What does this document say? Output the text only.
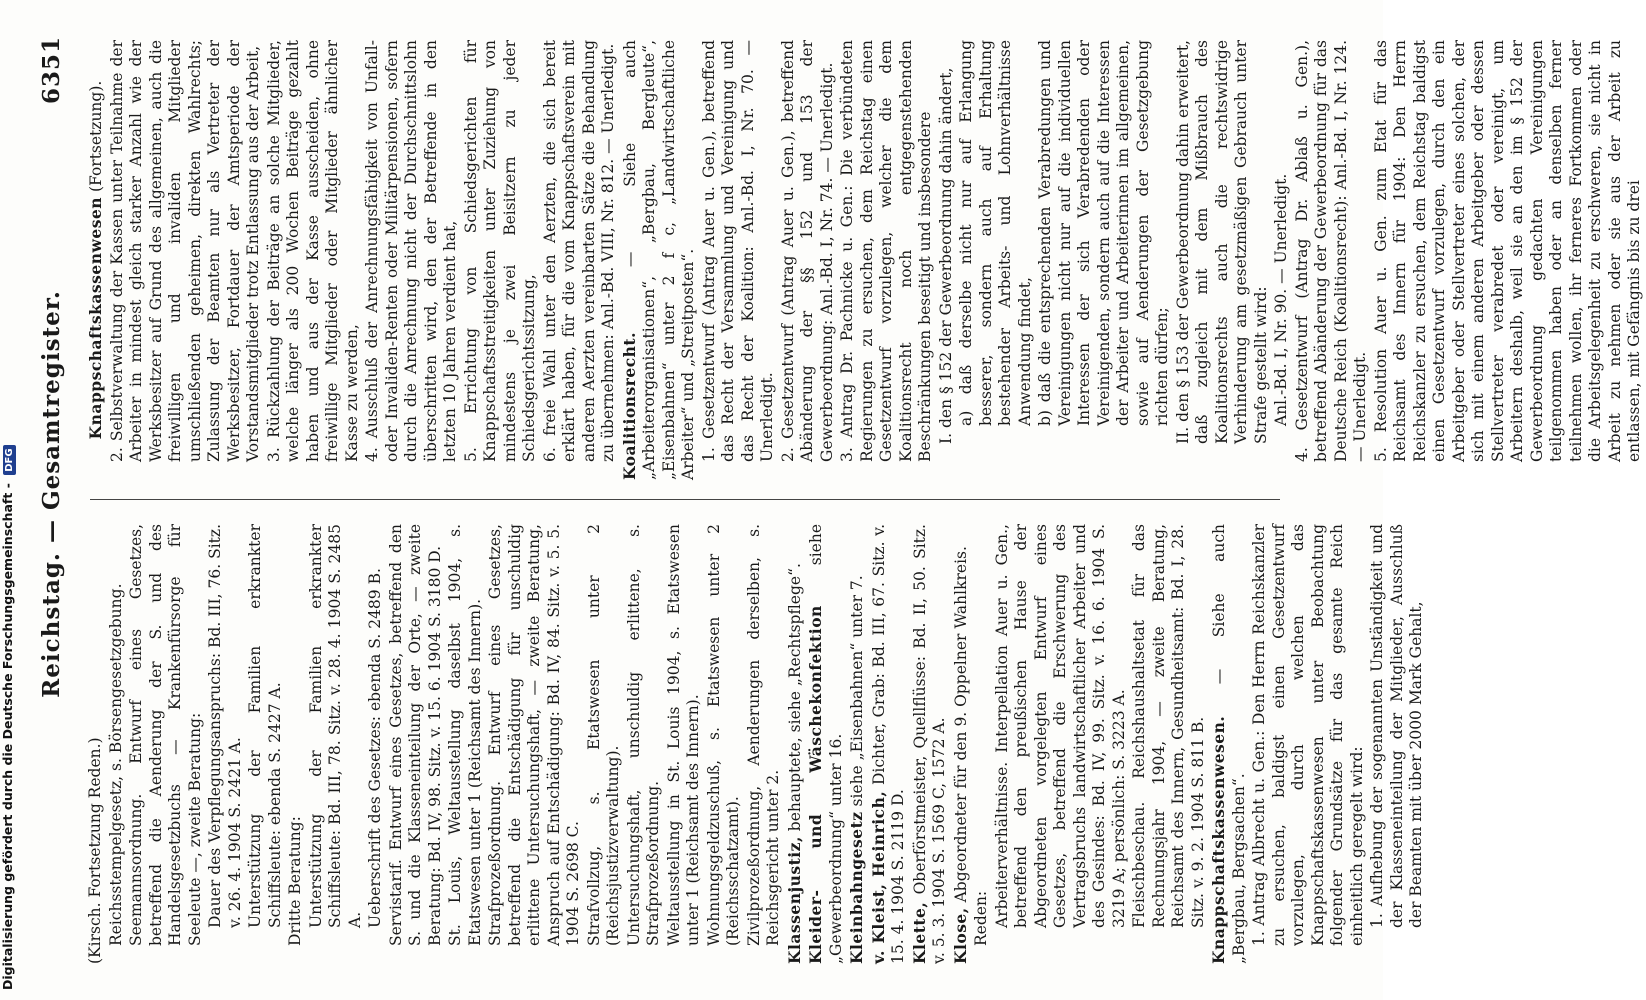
Reichstag. — Gesamtregister.
6351

(Kirsch. Fortsetzung Reden.) Reichsstempelgesetz, s. Börsengesetzgebung. Seemannsordnung. Entwurf eines Gesetzes, betreffend die Aenderung der S. und des Handelsgesetzbuchs — Krankenfürsorge für Seeleute —, zweite Beratung: Dauer des Verpflegungsanspruchs: Bd. III, 76. Sitz. v. 26. 4. 1904 S. 2421 A. Unterstützung der Familien erkrankter Schiffsleute: ebenda S. 2427 A. Dritte Beratung: Unterstützung der Familien erkrankter Schiffsleute: Bd. III, 78. Sitz. v. 28. 4. 1904 S. 2485 A. Ueberschrift des Gesetzes: ebenda S. 2489 B. Servistarif. Entwurf eines Gesetzes, betreffend den S. und die Klasseneinteilung der Orte, — zweite Beratung: Bd. IV, 98. Sitz. v. 15. 6. 1904 S. 3180 D. St. Louis, Weltausstellung daselbst 1904, s. Etatswesen unter 1 (Reichsamt des Innern). Strafprozeßordnung. Entwurf eines Gesetzes, betreffend die Entschädigung für unschuldig erlittene Untersuchungshaft, — zweite Beratung, Anspruch auf Entschädigung: Bd. IV, 84. Sitz. v. 5. 5. 1904 S. 2698 C. Strafvollzug, s. Etatswesen unter 2 (Reichsjustizverwaltung). Untersuchungshaft, unschuldig erlittene, s. Strafprozeßordnung. Weltausstellung in St. Louis 1904, s. Etatswesen unter 1 (Reichsamt des Innern). Wohnungsgeldzuschuß, s. Etatswesen unter 2 (Reichsschatzamt). Zivilprozeßordnung, Aenderungen derselben, s. Reichsgericht unter 2. Klassenjustiz, behauptete, siehe „Rechtspflege“. Kleider- und Wäschekonfektion siehe „Gewerbeordnung“ unter 16. Kleinbahngesetz siehe „Eisenbahnen“ unter 7.

v. Kleist, Heinrich, Dichter, Grab: Bd. III, 67. Sitz. v. 15. 4. 1904 S. 2119 D. Klette, Oberförstmeister, Quellflüsse: Bd. II, 50. Sitz. v. 5. 3. 1904 S. 1569 C, 1572 A. Klose, Abgeordneter für den 9. Oppelner Wahlkreis.

Reden: Arbeiterverhältnisse. Interpellation Auer u. Gen., betreffend den preußischen Hause der Abgeordneten vorgelegten Entwurf eines Gesetzes, betreffend die Erschwerung des Vertragsbruchs landwirtschaftlicher Arbeiter und des Gesindes: Bd. IV, 99. Sitz. v. 16. 6. 1904 S. 3219 A; persönlich: S. 3223 A. Fleischbeschau. Reichshaushaltsetat für das Rechnungsjahr 1904, — zweite Beratung, Reichsamt des Innern, Gesundheitsamt: Bd. I, 28. Sitz. v. 9. 2. 1904 S. 811 B. Knappschaftskassenwesen. — Siehe auch „Bergbau, Bergsachen“. 1. Antrag Albrecht u. Gen.: Den Herrn Reichskanzler zu ersuchen, baldigst einen Gesetzentwurf vorzulegen, durch welchen das Knappschaftskassenwesen unter Beobachtung folgender Grundsätze für das gesamte Reich einheitlich geregelt wird: 1. Aufhebung der sogenannten Unständigkeit und der Klasseneinteilung der Mitglieder, Ausschluß der Beamten mit über 2000 Mark Gehalt,

Knappschaftskassenwesen (Fortsetzung). 2. Selbstverwaltung der Kassen unter Teilnahme der Arbeiter in mindest gleich starker Anzahl wie der Werksbesitzer auf Grund des allgemeinen, auch die freiwilligen und invaliden Mitglieder umschließenden geheimen, direkten Wahlrechts; Zulassung der Beamten nur als Vertreter der Werksbesitzer, Fortdauer der Amtsperiode der Vorstandsmitglieder trotz Entlassung aus der Arbeit, 3. Rückzahlung der Beiträge an solche Mitglieder, welche länger als 200 Wochen Beiträge gezahlt haben und aus der Kasse ausscheiden, ohne freiwillige Mitglieder oder Mitglieder ähnlicher Kasse zu werden, 4. Ausschluß der Anrechnungsfähigkeit von Unfall- oder Invaliden-Renten oder Militärpensionen, sofern durch die Anrechnung nicht der Durchschnittslohn überschritten wird, den der Betreffende in den letzten 10 Jahren verdient hat, 5. Errichtung von Schiedsgerichten für Knappschaftsstreitigkeiten unter Zuziehung von mindestens je zwei Beisitzern zu jeder Schiedsgerichtssitzung, 6. freie Wahl unter den Aerzten, die sich bereit erklärt haben, für die vom Knappschaftsverein mit anderen Aerzten vereinbarten Sätze die Behandlung zu übernehmen: Anl.-Bd. VIII, Nr. 812. — Unerledigt. Koalitionsrecht. — Siehe auch „Arbeiterorganisationen“, „Bergbau, Bergleute“, „Eisenbahnen“ unter 2 f c, „Landwirtschaftliche Arbeiter“ und „Streitposten“. 1. Gesetzentwurf (Antrag Auer u. Gen.), betreffend das Recht der Versammlung und Vereinigung und das Recht der Koalition: Anl.-Bd. I, Nr. 70. — Unerledigt. 2. Gesetzentwurf (Antrag Auer u. Gen.), betreffend Abänderung der §§ 152 und 153 der Gewerbeordnung: Anl.-Bd. I, Nr. 74. — Unerledigt. 3. Antrag Dr. Pachnicke u. Gen.: Die verbündeten Regierungen zu ersuchen, dem Reichstag einen Gesetzentwurf vorzulegen, welcher die dem Koalitionsrecht noch entgegenstehenden Beschränkungen beseitigt und insbesondere I. den § 152 der Gewerbeordnung dahin ändert, a) daß derselbe nicht nur auf Erlangung besserer, sondern auch auf Erhaltung bestehender Arbeits- und Lohnverhältnisse Anwendung findet, b) daß die entsprechenden Verabredungen und Vereinigungen nicht nur auf die individuellen Interessen der sich Verabredenden oder Vereinigenden, sondern auch auf die Interessen der Arbeiter und Arbeiterinnen im allgemeinen, sowie auf Aenderungen der Gesetzgebung richten dürfen; II. den § 153 der Gewerbeordnung dahin erweitert, daß zugleich mit dem Mißbrauch des Koalitionsrechts auch die rechtswidrige Verhinderung am gesetzmäßigen Gebrauch unter Strafe gestellt wird: Anl.-Bd. I, Nr. 90. — Unerledigt. 4. Gesetzentwurf (Antrag Dr. Ablaß u. Gen.), betreffend Abänderung der Gewerbeordnung für das Deutsche Reich (Koalitionsrecht): Anl.-Bd. I, Nr. 124. — Unerledigt. 5. Resolution Auer u. Gen. zum Etat für das Reichsamt des Innern für 1904: Den Herrn Reichskanzler zu ersuchen, dem Reichstag baldigst einen Gesetzentwurf vorzulegen, durch den ein Arbeitgeber oder Stellvertreter eines solchen, der sich mit einem anderen Arbeitgeber oder dessen Stellvertreter verabredet oder vereinigt, um Arbeitern deshalb, weil sie an den im § 152 der Gewerbeordnung gedachten Vereinigungen teilgenommen haben oder an denselben ferner teilnehmen wollen, ihr ferneres Fortkommen oder die Arbeitsgelegenheit zu erschweren, sie nicht in Arbeit zu nehmen oder sie aus der Arbeit zu entlassen, mit Gefängnis bis zu drei

Digitalisierung gefördert durch die Deutsche Forschungsgemeinschaft - DFG
